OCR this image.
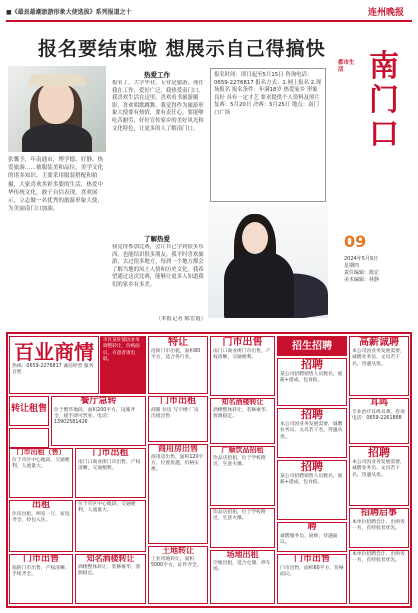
■《最县最潮旅游形象大使选拔》系列报道之十	连州晚报
报名要结束啦 想展示自己得搞快
张馨予，年南通市，博学德、好静、热爱旅游……被服装美和品位，美学文化的诸多知识。主要采用服装搭配和拍摄，大家喜欢多彩多姿的生活，热爱中华传统文化，敢于自信表现，喜欢展示，立志做一名优秀的旅游形象大使，为美丽南门口加油。
热爱工作
报名了，大学毕业，专业是旅游，现在我在工作，爱好广泛，我热爱南门口，我喜欢生活在这里，喜欢看书旅游摄影，喜欢唱歌跳舞。我觉得作为旅游形象大使要有热情，要有责任心，要能够吃苦耐劳，好好宣传家乡的美好风光和文化特色，让更多的人了解南门口。
了解热爱
我觉得参加比赛，会让自己学到很多东西，也能结识很多朋友。我平时喜欢旅游，去过很多地方，每到一个地方都会了解当地的风土人情和历史文化。我希望通过这次比赛，能够让更多人知道我们的家乡有多美。
（本报记者 陈宏霞）
报名时间：即日起至5月15日 咨询电话：0659-2276817 报名方式：1.网上报名 2.现场报名 报名条件：年满18岁 热爱家乡 形象良好 具有一定才艺 要求提供个人资料及照片 复赛：5月20日 决赛：5月25日 地点：南门口广场
都市生活 南门口
09
2024年5月9日
星期四
责任编辑：陈宏
美术编辑：林静
百业商情
热线：0659-2276817 诚信经营 服务百姓
市区某旺铺因业务调整转让，价格面议，有意者请电联。
特让
沿街门市出租，面积80平方，适合各行业。
门市出售
南门口商业街门市出售，产权清晰，交通便利。
招生招聘
招聘
某公司招聘销售人员数名，底薪+提成，包食宿。
高薪诚聘
本公司因业务发展需要，诚聘业务员、文员若干名，待遇从优。
转让租售
餐厅急转
位于繁华地段，面积200平方，设施齐全，接手即可营业。电话：13902581426
门市出租
商铺 住房 写字楼 厂房 出租出售
知名酒楼转让
酒楼整体转让，装修豪华，客源稳定。
耳鸣
专业治疗耳鸣耳聋，咨询电话：0659-2261888
招聘
本公司因业务发展需要，诚聘业务员、文员若干名，待遇从优。
门市出租（售）
位于市区中心地段，交通便利，人流量大。
门市出租
南门口商业街门市出售，产权清晰，交通便利。
商用房出售
商用房出售，面积120平方，位置优越，价格实惠。
广顺饮品招租
饮品店招租，位于学校附近，生意火爆。	招聘
某公司招聘销售人员数名，底薪+提成，包食宿。
招聘
本公司因业务发展需要，诚聘业务员、文员若干名，待遇从优。
出租
住房出租，两室一厅，家电齐全，拎包入住。
位于市区中心地段，交通便利，人流量大。	饮品店招租，位于学校附近，生意火爆。
招聘启事
本单位招聘会计、出纳各一名，有经验者优先。
聘
诚聘服务员、厨师，待遇面议。
门市出售
临街门市出售，产权清晰，手续齐全。
知名酒楼转让
酒楼整体转让，装修豪华，客源稳定。
土地转让
工业用地转让，面积5000平方，证件齐全。
场地出租
空地出租，适合仓储、停车场。
门市出售
门市出售，面积60平方，价格面议。
本单位招聘会计、出纳各一名，有经验者优先。
